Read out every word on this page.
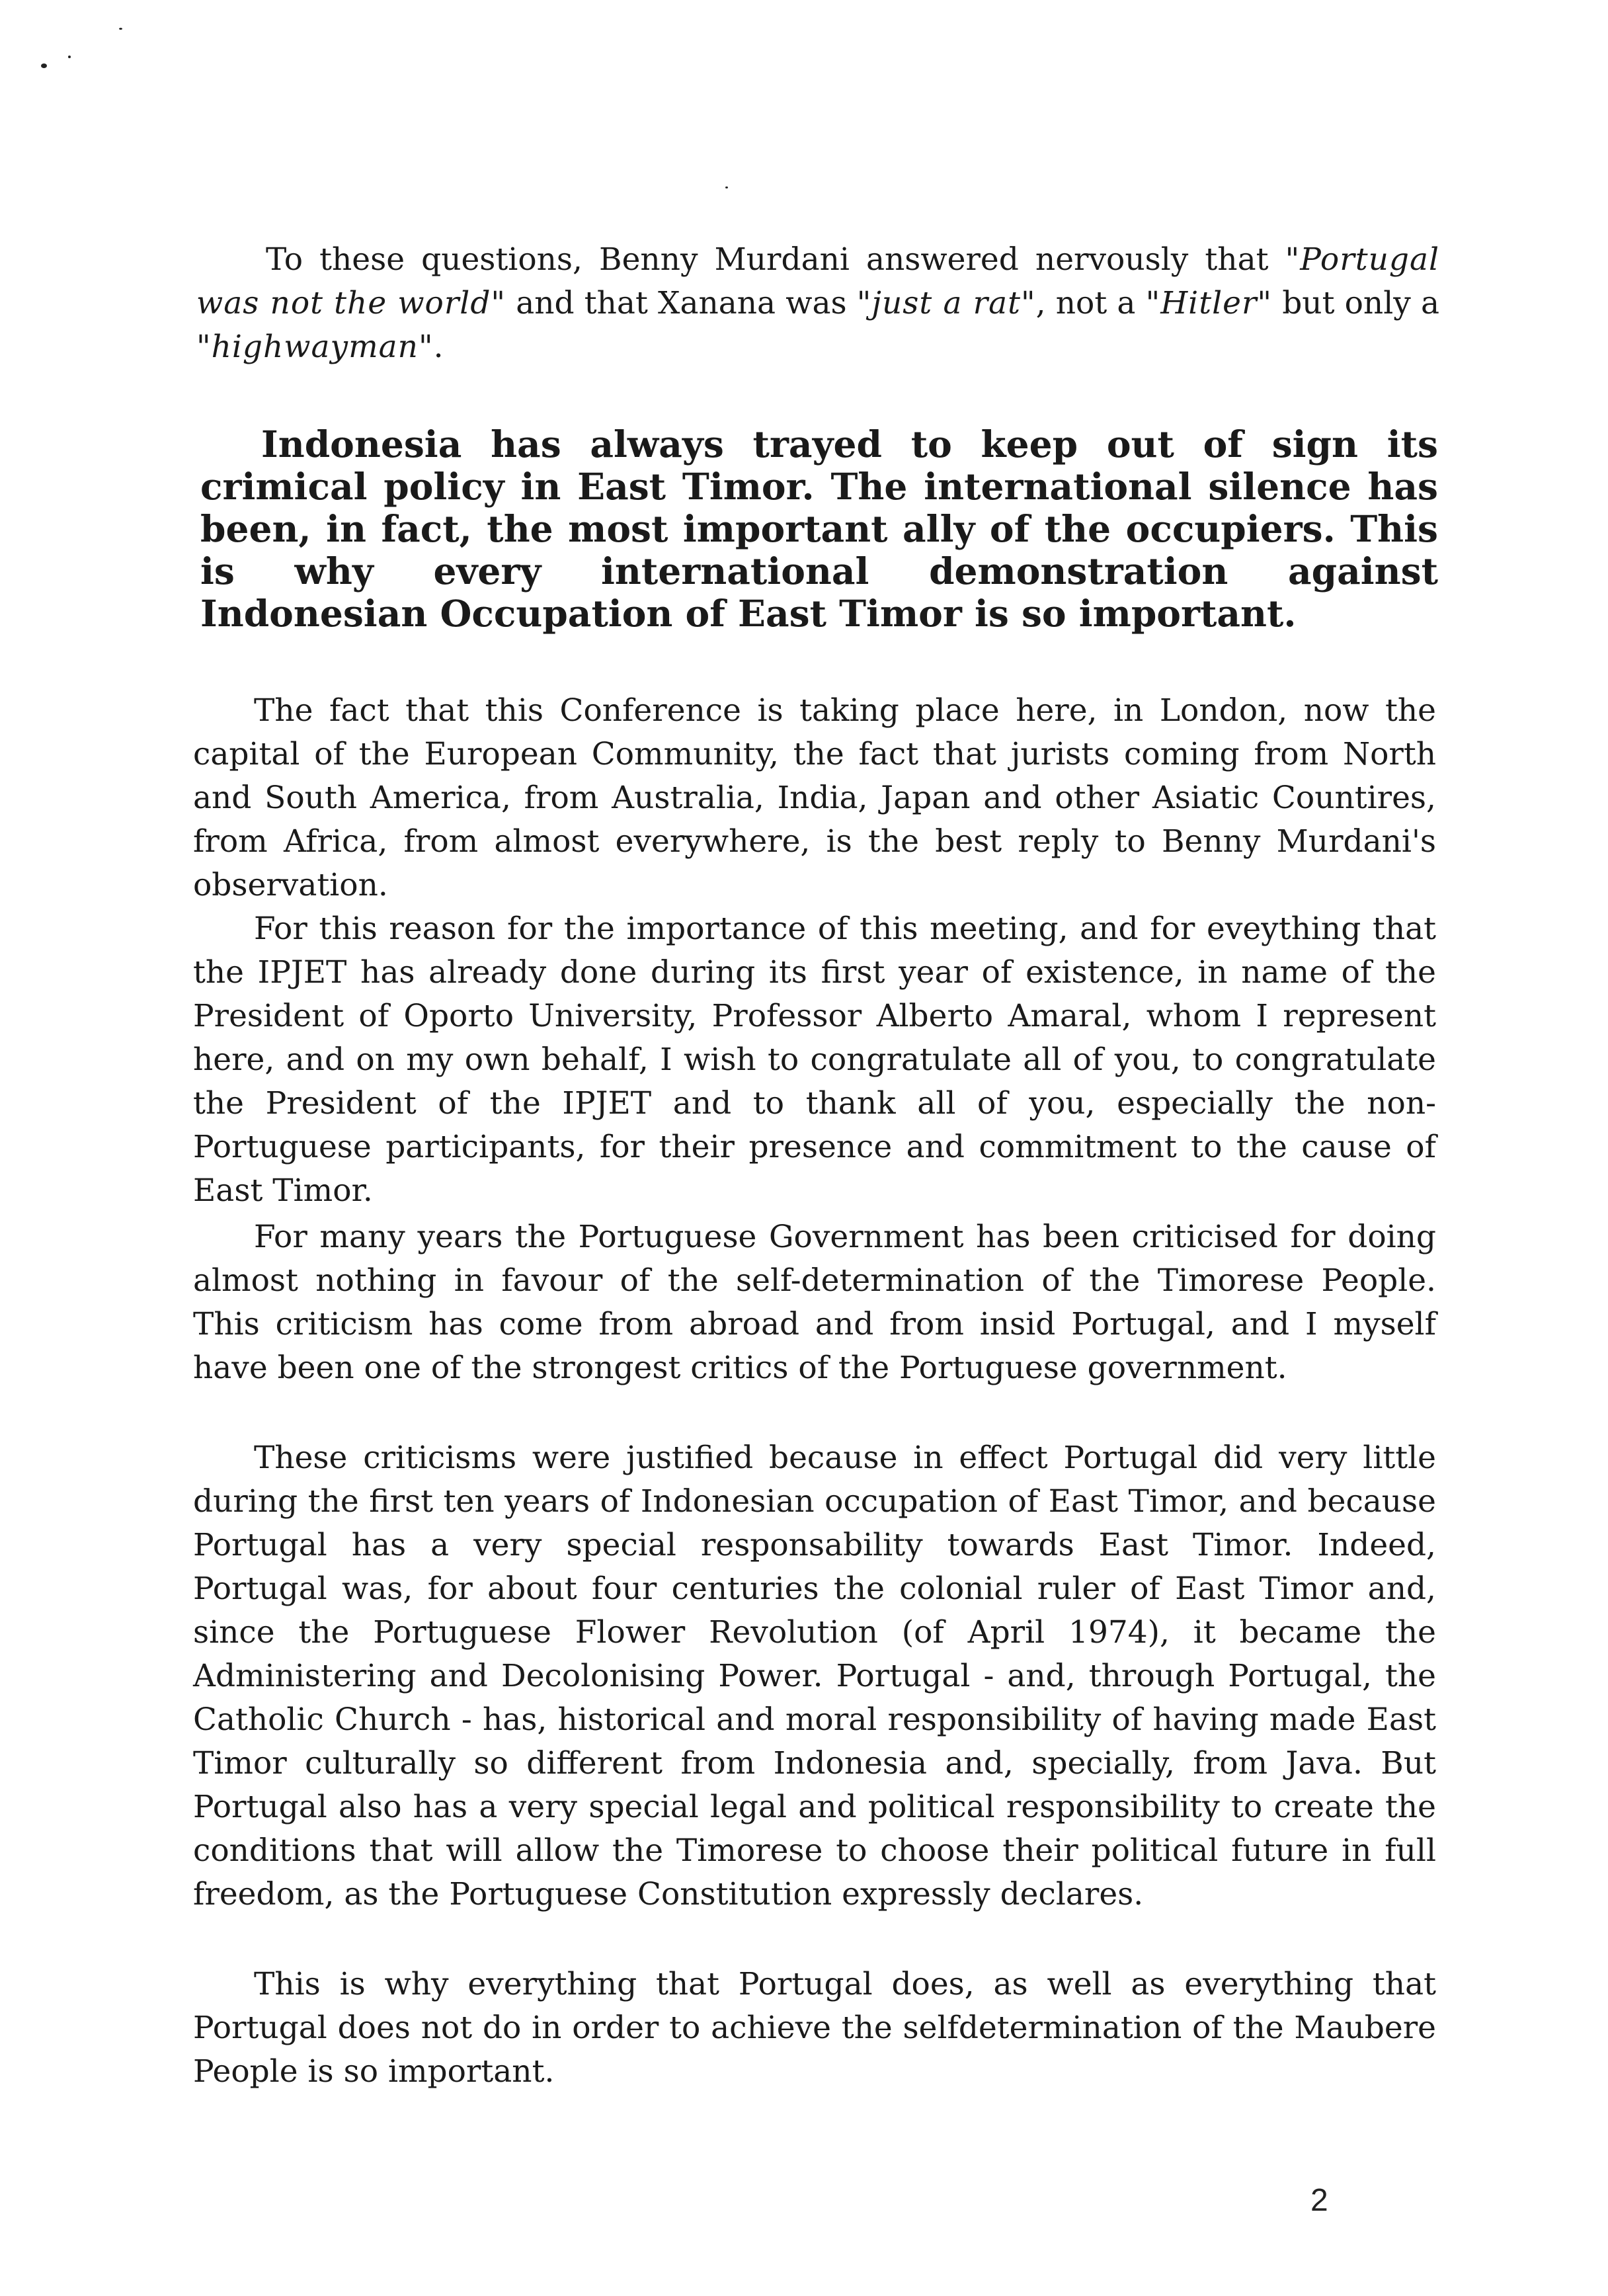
To these questions, Benny Murdani answered nervously that "Portugal was not the world" and that Xanana was "just a rat", not a "Hitler" but only a "highwayman".

Indonesia has always trayed to keep out of sign its crimical policy in East Timor. The international silence has been, in fact, the most important ally of the occupiers. This is why every international demonstration against Indonesian Occupation of East Timor is so important.

The fact that this Conference is taking place here, in London, now the capital of the European Community, the fact that jurists coming from North and South America, from Australia, India, Japan and other Asiatic Countires, from Africa, from almost everywhere, is the best reply to Benny Murdani's observation.

For this reason for the importance of this meeting, and for eveything that the IPJET has already done during its first year of existence, in name of the President of Oporto University, Professor Alberto Amaral, whom I represent here, and on my own behalf, I wish to congratulate all of you, to congratulate the President of the IPJET and to thank all of you, especially the non-Portuguese participants, for their presence and commitment to the cause of East Timor.

For many years the Portuguese Government has been criticised for doing almost nothing in favour of the self-determination of the Timorese People. This criticism has come from abroad and from insid Portugal, and I myself have been one of the strongest critics of the Portuguese government.

These criticisms were justified because in effect Portugal did very little during the first ten years of Indonesian occupation of East Timor, and because Portugal has a very special responsability towards East Timor. Indeed, Portugal was, for about four centuries the colonial ruler of East Timor and, since the Portuguese Flower Revolution (of April 1974), it became the Administering and Decolonising Power. Portugal - and, through Portugal, the Catholic Church - has, historical and moral responsibility of having made East Timor culturally so different from Indonesia and, specially, from Java. But Portugal also has a very special legal and political responsibility to create the conditions that will allow the Timorese to choose their political future in full freedom, as the Portuguese Constitution expressly declares.

This is why everything that Portugal does, as well as everything that Portugal does not do in order to achieve the selfdetermination of the Maubere People is so important.

2
